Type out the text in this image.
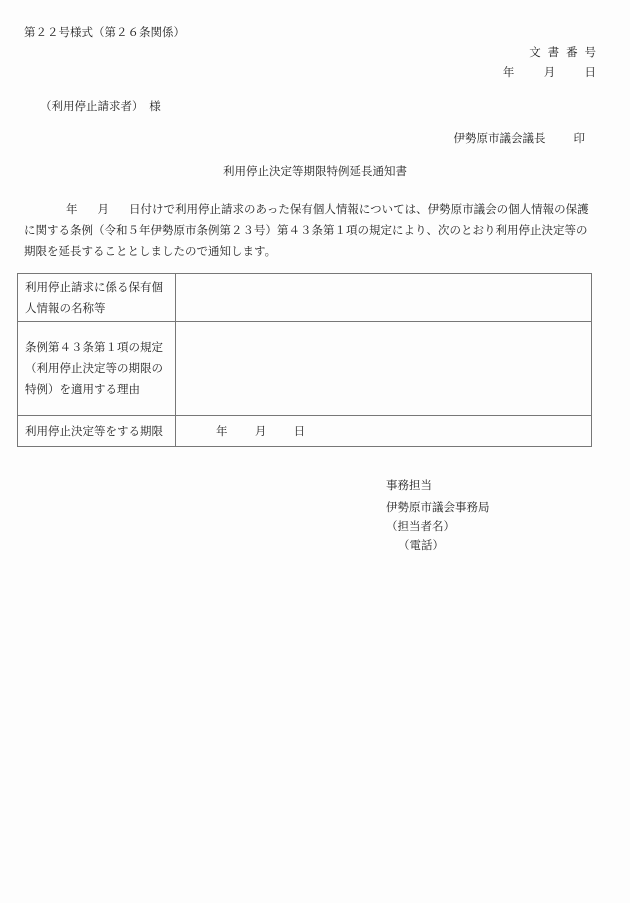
第２２号様式（第２６条関係）
文書番号
年	月	日
（利用停止請求者）　様
伊勢原市議会議長 印
利用停止決定等期限特例延長通知書
年 月 日付けで利用停止請求のあった保有個人情報については、伊勢原市議会の個人情報の保護に関する条例（令和５年伊勢原市条例第２３号）第４３条第１項の規定により、次のとおり利用停止決定等の期限を延長することとしましたので通知します。
利用停止請求に係る保有個人情報の名称等	
条例第４３条第１項の規定（利用停止決定等の期限の特例）を適用する理由	
利用停止決定等をする期限	年 月 日
事務担当
伊勢原市議会事務局
（担当者名）
（電話）
